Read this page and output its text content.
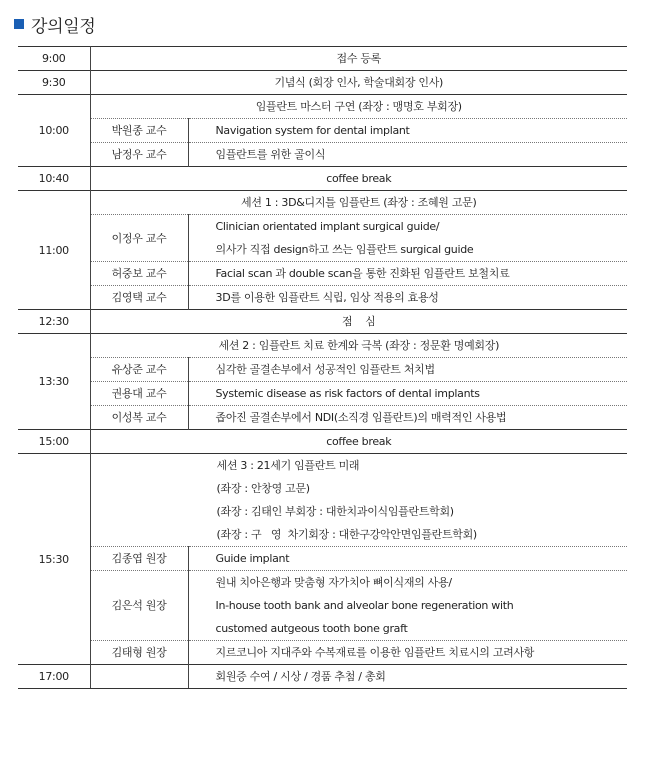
강의일정
9:00	접수 등록	
9:30	기념식 (회장 인사, 학술대회장 인사)	
10:00	임플란트 마스터 구연 (좌장 : 맹명호 부회장)	
	박원종 교수	Navigation system for dental implant
	남정우 교수	임플란트를 위한 골이식
10:40	coffee break	
11:00	세션 1 : 3D&디지틀 임플란트 (좌장 : 조혜원 고문)	
	이정우 교수	Clinician orientated implant surgical guide/
		의사가 직접 design하고 쓰는 임플란트 surgical guide
	허중보 교수	Facial scan 과 double scan을 통한 진화된 임플란트 보철치료
	김영택 교수	3D를 이용한 임플란트 식립, 임상 적용의 효용성
12:30	점    심	
13:30	세션 2 : 임플란트 치료 한계와 극복 (좌장 : 정문환 명예회장)	
	유상준 교수	심각한 골결손부에서 성공적인 임플란트 처치법
	권용대 교수	Systemic disease as risk factors of dental implants
	이성복 교수	좁아진 골결손부에서 NDI(소직경 임플란트)의 매력적인 사용법
15:00	coffee break	
15:30	세션 3 : 21세기 임플란트 미래	
	(좌장 : 안창영 고문)	
	(좌장 : 김태인 부회장 : 대한치과이식임플란트학회)	
	(좌장 : 구   영  차기회장 : 대한구강악안면임플란트학회)	
	김종엽 원장	Guide implant
	김은석 원장	원내 치아은행과 맞춤형 자가치아 뼈이식재의 사용/
		In-house tooth bank and alveolar bone regeneration with
		customed autgeous tooth bone graft
	김태형 원장	지르코니아 지대주와 수복재료를 이용한 임플란트 치료시의 고려사항
17:00		회원증 수여 / 시상 / 경품 추첨 / 총회
